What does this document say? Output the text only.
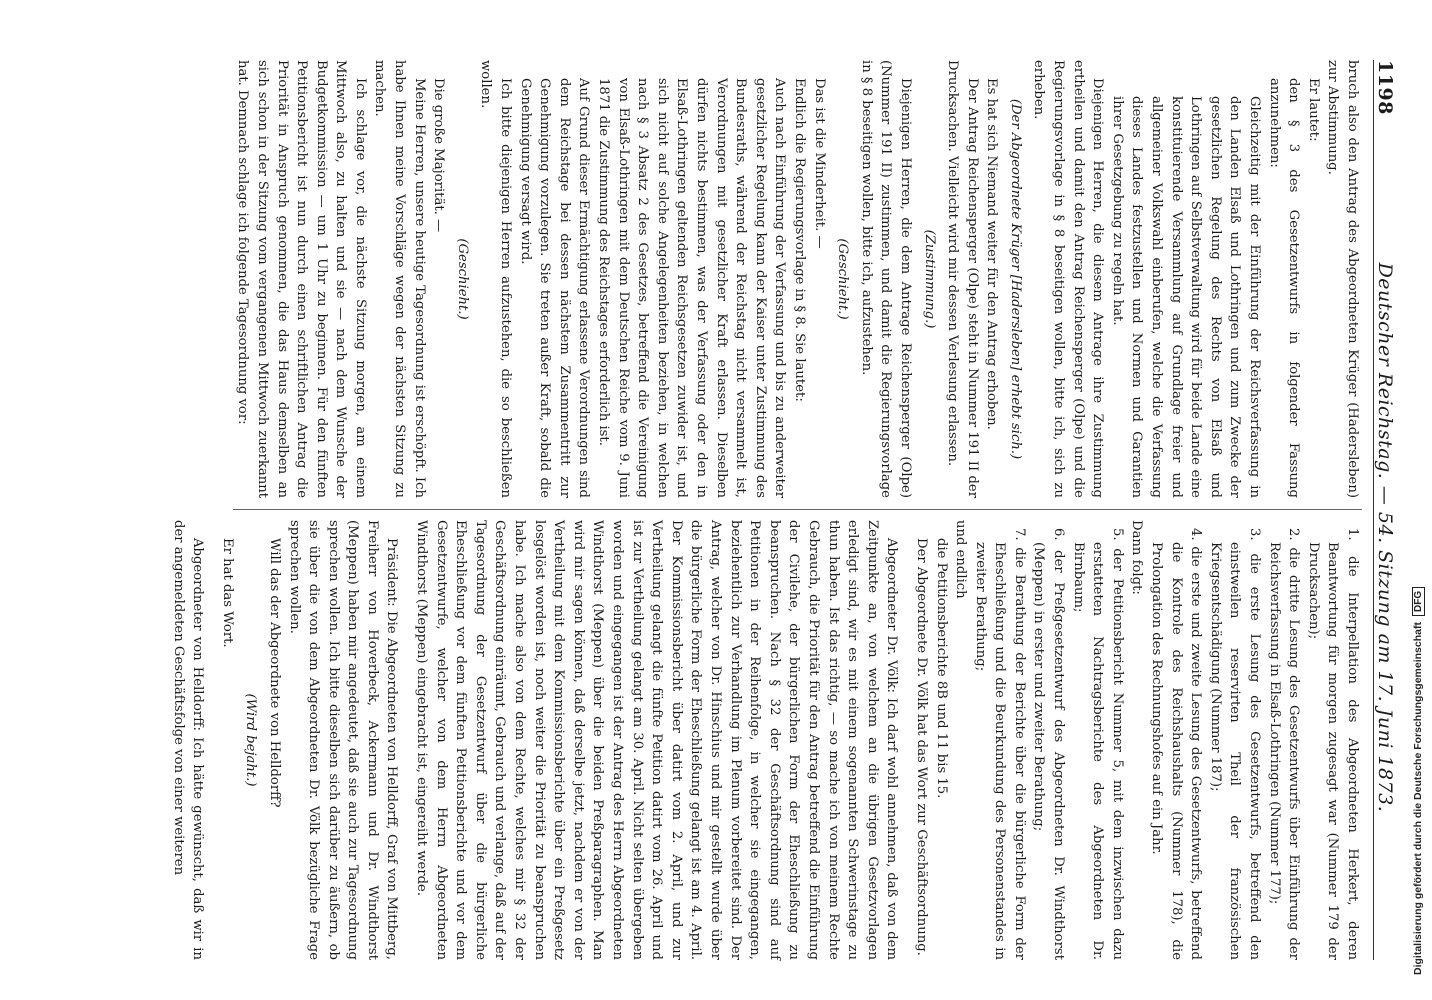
1198
Deutscher Reichstag. — 54. Sitzung am 17. Juni 1873.

bruch also den Antrag des Abgeordneten Krüger (Hadersleben) zur Abstimmung.

Er lautet:

den § 3 des Gesetzentwurfs in folgender Fassung anzunehmen:

Gleichzeitig mit der Einführung der Reichsverfassung in den Landen Elsaß und Lothringen und zum Zwecke der gesetzlichen Regelung des Rechts von Elsaß und Lothringen auf Selbstverwaltung wird für beide Lande eine konstituierende Versammlung auf Grundlage freier und allgemeiner Volkswahl einberufen, welche die Verfassung dieses Landes festzustellen und Normen und Garantien ihrer Gesetzgebung zu regeln hat.

Diejenigen Herren, die diesem Antrage ihre Zustimmung ertheilen und damit den Antrag Reichensperger (Olpe) und die Regierungsvorlage in § 8 beseitigen wollen, bitte ich, sich zu erheben.

(Der Abgeordnete Krüger [Hadersleben] erhebt sich.)

Es hat sich Niemand weiter für den Antrag erhoben.

Der Antrag Reichensperger (Olpe) steht in Nummer 191 II der Drucksachen. Vielleicht wird mir dessen Verlesung erlassen.

(Zustimmung.)

Diejenigen Herren, die dem Antrage Reichensperger (Olpe) (Nummer 191 II) zustimmen, und damit die Regierungsvorlage in § 8 beseitigen wollen, bitte ich, aufzustehen.

(Geschieht.)

Das ist die Minderheit. —

Endlich die Regierungsvorlage in § 8. Sie lautet:

Auch nach Einführung der Verfassung und bis zu anderweiter gesetzlicher Regelung kann der Kaiser unter Zustimmung des Bundesraths, während der Reichstag nicht versammelt ist, Verordnungen mit gesetzlicher Kraft erlassen. Dieselben dürfen nichts bestimmen, was der Verfassung oder den in Elsaß-Lothringen geltenden Reichsgesetzen zuwider ist, und sich nicht auf solche Angelegenheiten beziehen, in welchen nach § 3 Absatz 2 des Gesetzes, betreffend die Vereinigung von Elsaß-Lothringen mit dem Deutschen Reiche vom 9. Juni 1871 die Zustimmung des Reichstages erforderlich ist.

Auf Grund dieser Ermächtigung erlassene Verordnungen sind dem Reichstage bei dessen nächstem Zusammentritt zur Genehmigung vorzulegen. Sie treten außer Kraft, sobald die Genehmigung versagt wird.

Ich bitte diejenigen Herren aufzustehen, die so beschließen wollen.

(Geschieht.)

Die große Majorität. —

Meine Herren, unsere heutige Tagesordnung ist erschöpft. Ich habe Ihnen meine Vorschläge wegen der nächsten Sitzung zu machen.

Ich schlage vor, die nächste Sitzung morgen, am einem Mittwoch also, zu halten und sie — nach dem Wunsche der Budgetkommission — um 1 Uhr zu beginnen. Für den fünften Petitionsbericht ist nun durch einen schriftlichen Antrag die Priorität in Anspruch genommen, die das Haus demselben an sich schon in der Sitzung vom vergangenen Mittwoch zuerkannt hat. Demnach schlage ich folgende Tagesordnung vor:

1. die Interpellation des Abgeordneten Herkert, deren Beantwortung für morgen zugesagt war (Nummer 179 der Drucksachen);

2. die dritte Lesung des Gesetzentwurfs über Einführung der Reichsverfassung in Elsaß-Lothringen (Nummer 177);

3. die erste Lesung des Gesetzentwurfs, betreffend den einstweilen reservirten Theil der französischen Kriegsentschädigung (Nummer 187);

4. die erste und zweite Lesung des Gesetzentwurfs, betreffend die Kontrole des Reichshaushalts (Nummer 178), die Prolongation des Rechnungshofes auf ein Jahr.

Dann folgt:

5. der Petitionsbericht Nummer 5, mit dem inzwischen dazu erstatteten Nachtragsberichte des Abgeordneten Dr. Birnbaum;

6. der Preßgesetzentwurf des Abgeordneten Dr. Windthorst (Meppen) in erster und zweiter Berathung;

7. die Berathung der Berichte über die bürgerliche Form der Eheschließung und die Beurkundung des Personenstandes in zweiter Berathung;

und endlich

die Petitionsberichte 8B und 11 bis 15.

Der Abgeordnete Dr. Völk hat das Wort zur Geschäftsordnung.

Abgeordneter Dr. Völk: Ich darf wohl annehmen, daß von dem Zeitpunkte an, von welchem an die übrigen Gesetzvorlagen erledigt sind, wir es mit einem sogenannten Schwerinstage zu thun haben. Ist das richtig, — so mache ich von meinem Rechte Gebrauch, die Priorität für den Antrag betreffend die Einführung der Civilehe, der bürgerlichen Form der Eheschließung zu beanspruchen. Nach § 32 der Geschäftsordnung sind auf Petitionen in der Reihenfolge, in welcher sie eingegangen, beziehentlich zur Verhandlung im Plenum vorbereitet sind. Der Antrag, welcher von Dr. Hinschius und mir gestellt wurde über die bürgerliche Form der Eheschließung gelangt ist am 4. April. Der Kommissionsbericht über datirt vom 2. April, und zur Vertheilung gelangt die fünfte Petition datirt vom 26. April und ist zur Vertheilung gelangt am 30. April. Nicht selten übergeben worden und eingegangen ist der Antrag des Herrn Abgeordneten Windthorst (Meppen) über die beiden Preßparagraphen. Man wird mir sagen können, daß derselbe jetzt, nachdem er von der Vertheilung mit dem Kommissionsberichte über ein Preßgesetz losgelöst worden ist, noch weiter die Priorität zu beanspruchen habe. Ich mache also von dem Rechte, welches mir § 32 der Geschäftsordnung einräumt, Gebrauch und verlange, daß auf der Tagesordnung der Gesetzentwurf über die bürgerliche Eheschließung vor dem fünften Petitionsberichte und vor dem Gesetzentwurfe, welcher von dem Herrn Abgeordneten Windthorst (Meppen) eingebracht ist, eingereiht werde.

Präsident: Die Abgeordneten von Helldorff, Graf von Mittberg, Freiherr von Hoverbeck, Ackermann und Dr. Windthorst (Meppen) haben mir angedeutet, daß sie auch zur Tagesordnung sprechen wollen. Ich bitte dieselben sich darüber zu äußern, ob sie über die von dem Abgeordneten Dr. Völk bezügliche Frage sprechen wollen.

Will das der Abgeordnete von Helldorff?

(Wird bejaht.)

Er hat das Wort.

Abgeordneter von Helldorff: Ich hätte gewünscht, daß wir in der angemeldeten Geschäftsfolge von einer weiteren	Digitalisierung gefördert durch die Deutsche Forschungsgemeinschaft
DFG
